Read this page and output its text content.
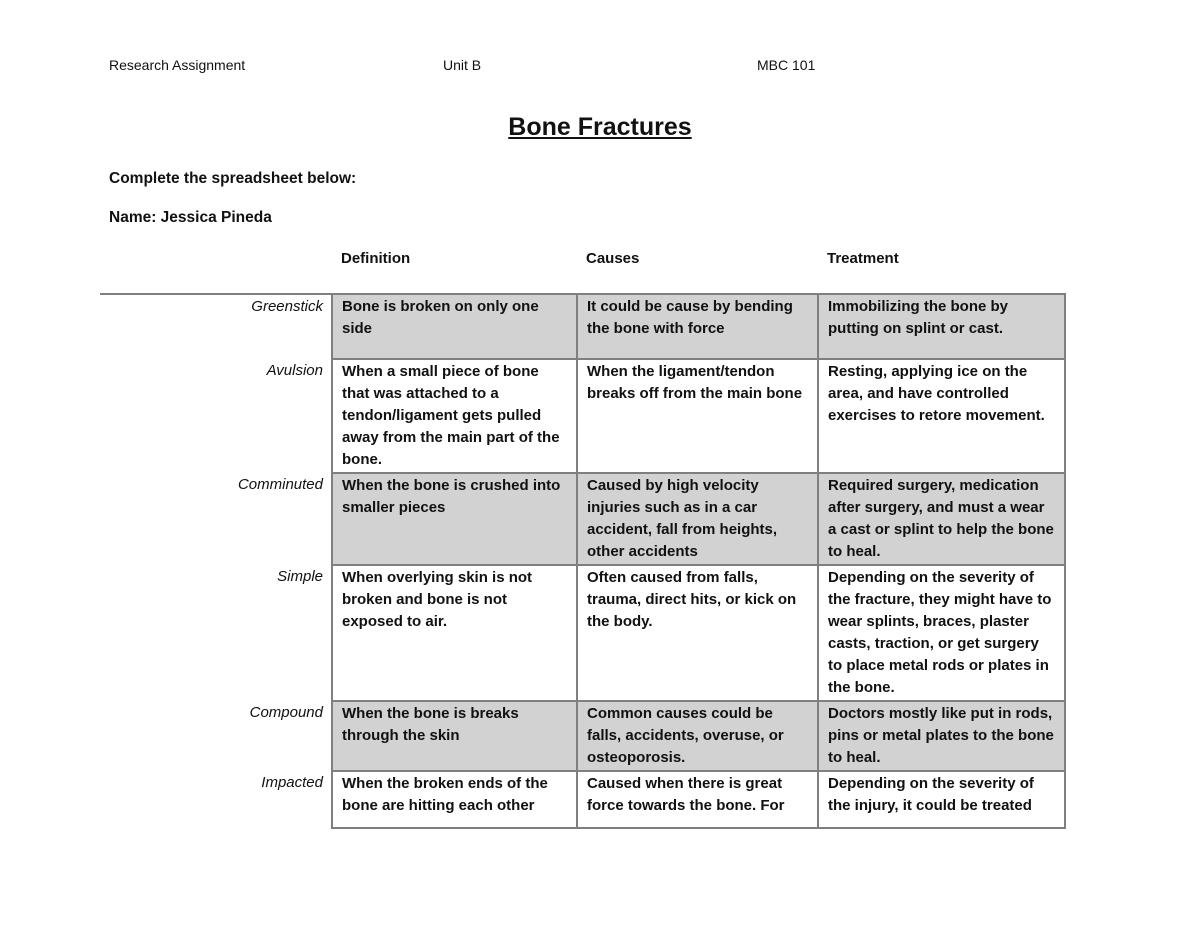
Research Assignment	Unit B	MBC 101
Bone Fractures
Complete the spreadsheet below:
Name: Jessica Pineda
	Definition	Causes	Treatment
Greenstick	Bone is broken on only one side	It could be cause by bending the bone with force	Immobilizing the bone by putting on splint or cast.
Avulsion	When a small piece of bone that was attached to a tendon/ligament gets pulled away from the main part of the bone.	When the ligament/tendon breaks off from the main bone	Resting, applying ice on the area, and have controlled exercises to retore movement.
Comminuted	When the bone is crushed into smaller pieces	Caused by high velocity injuries such as in a car accident, fall from heights, other accidents	Required surgery, medication after surgery, and must a wear a cast or splint to help the bone to heal.
Simple	When overlying skin is not broken and bone is not exposed to air.	Often caused from falls, trauma, direct hits, or kick on the body.	Depending on the severity of the fracture, they might have to wear splints, braces, plaster casts, traction, or get surgery to place metal rods or plates in the bone.
Compound	When the bone is breaks through the skin	Common causes could be falls, accidents, overuse, or osteoporosis.	Doctors mostly like put in rods, pins or metal plates to the bone to heal.
Impacted	When the broken ends of the bone are hitting each other	Caused when there is great force towards the bone. For	Depending on the severity of the injury, it could be treated
